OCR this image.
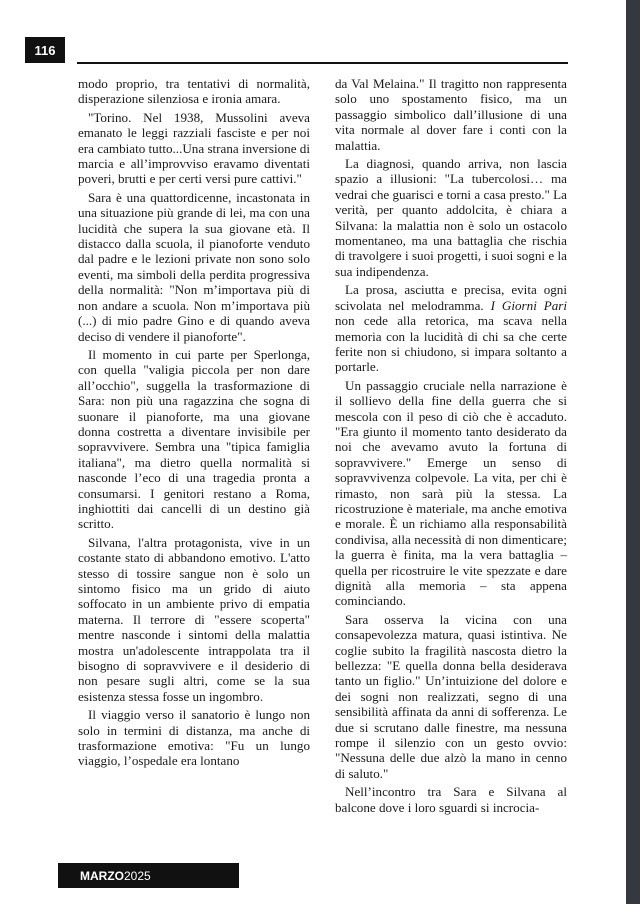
116

modo proprio, tra tentativi di normalità, disperazione silenziosa e ironia amara.

"Torino. Nel 1938, Mussolini aveva emanato le leggi razziali fasciste e per noi era cambiato tutto...Una strana inversione di marcia e all’improvviso eravamo diventati poveri, brutti e per certi versi pure cattivi."

Sara è una quattordicenne, incastonata in una situazione più grande di lei, ma con una lucidità che supera la sua giovane età. Il distacco dalla scuola, il pianoforte venduto dal padre e le lezioni private non sono solo eventi, ma simboli della perdita progressiva della normalità: "Non m’importava più di non andare a scuola. Non m’importava più (...) di mio padre Gino e di quando aveva deciso di vendere il pianoforte".

Il momento in cui parte per Sperlonga, con quella "valigia piccola per non dare all’occhio", suggella la trasformazione di Sara: non più una ragazzina che sogna di suonare il pianoforte, ma una giovane donna costretta a diventare invisibile per sopravvivere. Sembra una "tipica famiglia italiana", ma dietro quella normalità si nasconde l’eco di una tragedia pronta a consumarsi. I genitori restano a Roma, inghiottiti dai cancelli di un destino già scritto.

Silvana, l'altra protagonista, vive in un costante stato di abbandono emotivo. L'atto stesso di tossire sangue non è solo un sintomo fisico ma un grido di aiuto soffocato in un ambiente privo di empatia materna. Il terrore di "essere scoperta" mentre nasconde i sintomi della malattia mostra un'adolescente intrappolata tra il bisogno di sopravvivere e il desiderio di non pesare sugli altri, come se la sua esistenza stessa fosse un ingombro.

Il viaggio verso il sanatorio è lungo non solo in termini di distanza, ma anche di trasformazione emotiva: "Fu un lungo viaggio, l’ospedale era lontano

da Val Melaina." Il tragitto non rappresenta solo uno spostamento fisico, ma un passaggio simbolico dall’illusione di una vita normale al dover fare i conti con la malattia.

La diagnosi, quando arriva, non lascia spazio a illusioni: "La tubercolosi… ma vedrai che guarisci e torni a casa presto." La verità, per quanto addolcita, è chiara a Silvana: la malattia non è solo un ostacolo momentaneo, ma una battaglia che rischia di travolgere i suoi progetti, i suoi sogni e la sua indipendenza.

La prosa, asciutta e precisa, evita ogni scivolata nel melodramma. I Giorni Pari non cede alla retorica, ma scava nella memoria con la lucidità di chi sa che certe ferite non si chiudono, si impara soltanto a portarle.

Un passaggio cruciale nella narrazione è il sollievo della fine della guerra che si mescola con il peso di ciò che è accaduto. "Era giunto il momento tanto desiderato da noi che avevamo avuto la fortuna di sopravvivere." Emerge un senso di sopravvivenza colpevole. La vita, per chi è rimasto, non sarà più la stessa. La ricostruzione è materiale, ma anche emotiva e morale. È un richiamo alla responsabilità condivisa, alla necessità di non dimenticare; la guerra è finita, ma la vera battaglia – quella per ricostruire le vite spezzate e dare dignità alla memoria – sta appena cominciando.

Sara osserva la vicina con una consapevolezza matura, quasi istintiva. Ne coglie subito la fragilità nascosta dietro la bellezza: "E quella donna bella desiderava tanto un figlio." Un’intuizione del dolore e dei sogni non realizzati, segno di una sensibilità affinata da anni di sofferenza. Le due si scrutano dalle finestre, ma nessuna rompe il silenzio con un gesto ovvio: "Nessuna delle due alzò la mano in cenno di saluto."

Nell’incontro tra Sara e Silvana al balcone dove i loro sguardi si incrocia-

MARZO 2025
